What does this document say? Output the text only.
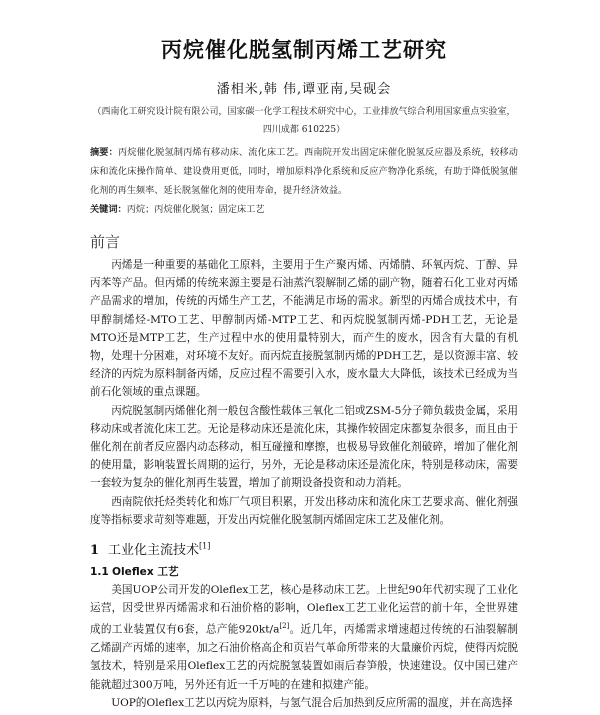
丙烷催化脱氢制丙烯工艺研究
潘相米,韩 伟,谭亚南,吴砚会
（西南化工研究设计院有限公司，国家碳一化学工程技术研究中心，工业排放气综合利用国家重点实验室，
四川成都 610225）
摘要：丙烷催化脱氢制丙烯有移动床、流化床工艺。西南院开发出固定床催化脱氢反应器及系统，较移动床和流化床操作简单、建设费用更低，同时，增加原料净化系统和反应产物净化系统，有助于降低脱氢催化剂的再生频率、延长脱氢催化剂的使用寿命，提升经济效益。
关键词：丙烷；丙烷催化脱氢；固定床工艺
前言

丙烯是一种重要的基础化工原料，主要用于生产聚丙烯、丙烯腈、环氧丙烷、丁醇、异丙苯等产品。但丙烯的传统来源主要是石油蒸汽裂解制乙烯的副产物，随着石化工业对丙烯产品需求的增加，传统的丙烯生产工艺，不能满足市场的需求。新型的丙烯合成技术中，有甲醇制烯烃-MTO工艺、甲醇制丙烯-MTP工艺、和丙烷脱氢制丙烯-PDH工艺，无论是MTO还是MTP工艺，生产过程中水的使用量特别大，而产生的废水，因含有大量的有机物，处理十分困难，对环境不友好。而丙烷直接脱氢制丙烯的PDH工艺，是以资源丰富、较经济的丙烷为原料制备丙烯，反应过程不需要引入水，废水量大大降低，该技术已经成为当前石化领域的重点课题。

丙烷脱氢制丙烯催化剂一般包含酸性载体三氧化二铝或ZSM-5分子筛负载贵金属，采用移动床或者流化床工艺。无论是移动床还是流化床，其操作较固定床都复杂很多，而且由于催化剂在前者反应器内动态移动，相互碰撞和摩擦，也极易导致催化剂破碎，增加了催化剂的使用量，影响装置长周期的运行，另外，无论是移动床还是流化床，特别是移动床，需要一套较为复杂的催化剂再生装置，增加了前期设备投资和动力消耗。

西南院依托烃类转化和炼厂气项目积累，开发出移动床和流化床工艺要求高、催化剂强度等指标要求苛刻等难题，开发出丙烷催化脱氢制丙烯固定床工艺及催化剂。

1 工业化主流技术[1]
1.1 Oleflex 工艺

美国UOP公司开发的Oleflex工艺，核心是移动床工艺。上世纪90年代初实现了工业化运营，因受世界丙烯需求和石油价格的影响，Oleflex工艺工业化运营的前十年，全世界建成的工业装置仅有6套，总产能920kt/a[2]。近几年，丙烯需求增速超过传统的石油裂解制乙烯副产丙烯的速率，加之石油价格高企和页岩气革命所带来的大量廉价丙烷，使得丙烷脱氢技术，特别是采用Oleflex工艺的丙烷脱氢装置如雨后春笋般，快速建设。仅中国已建产能就超过300万吨，另外还有近一千万吨的在建和拟建产能。

UOP的Oleflex工艺以丙烷为原料，与氢气混合后加热到反应所需的温度，并在高选择
